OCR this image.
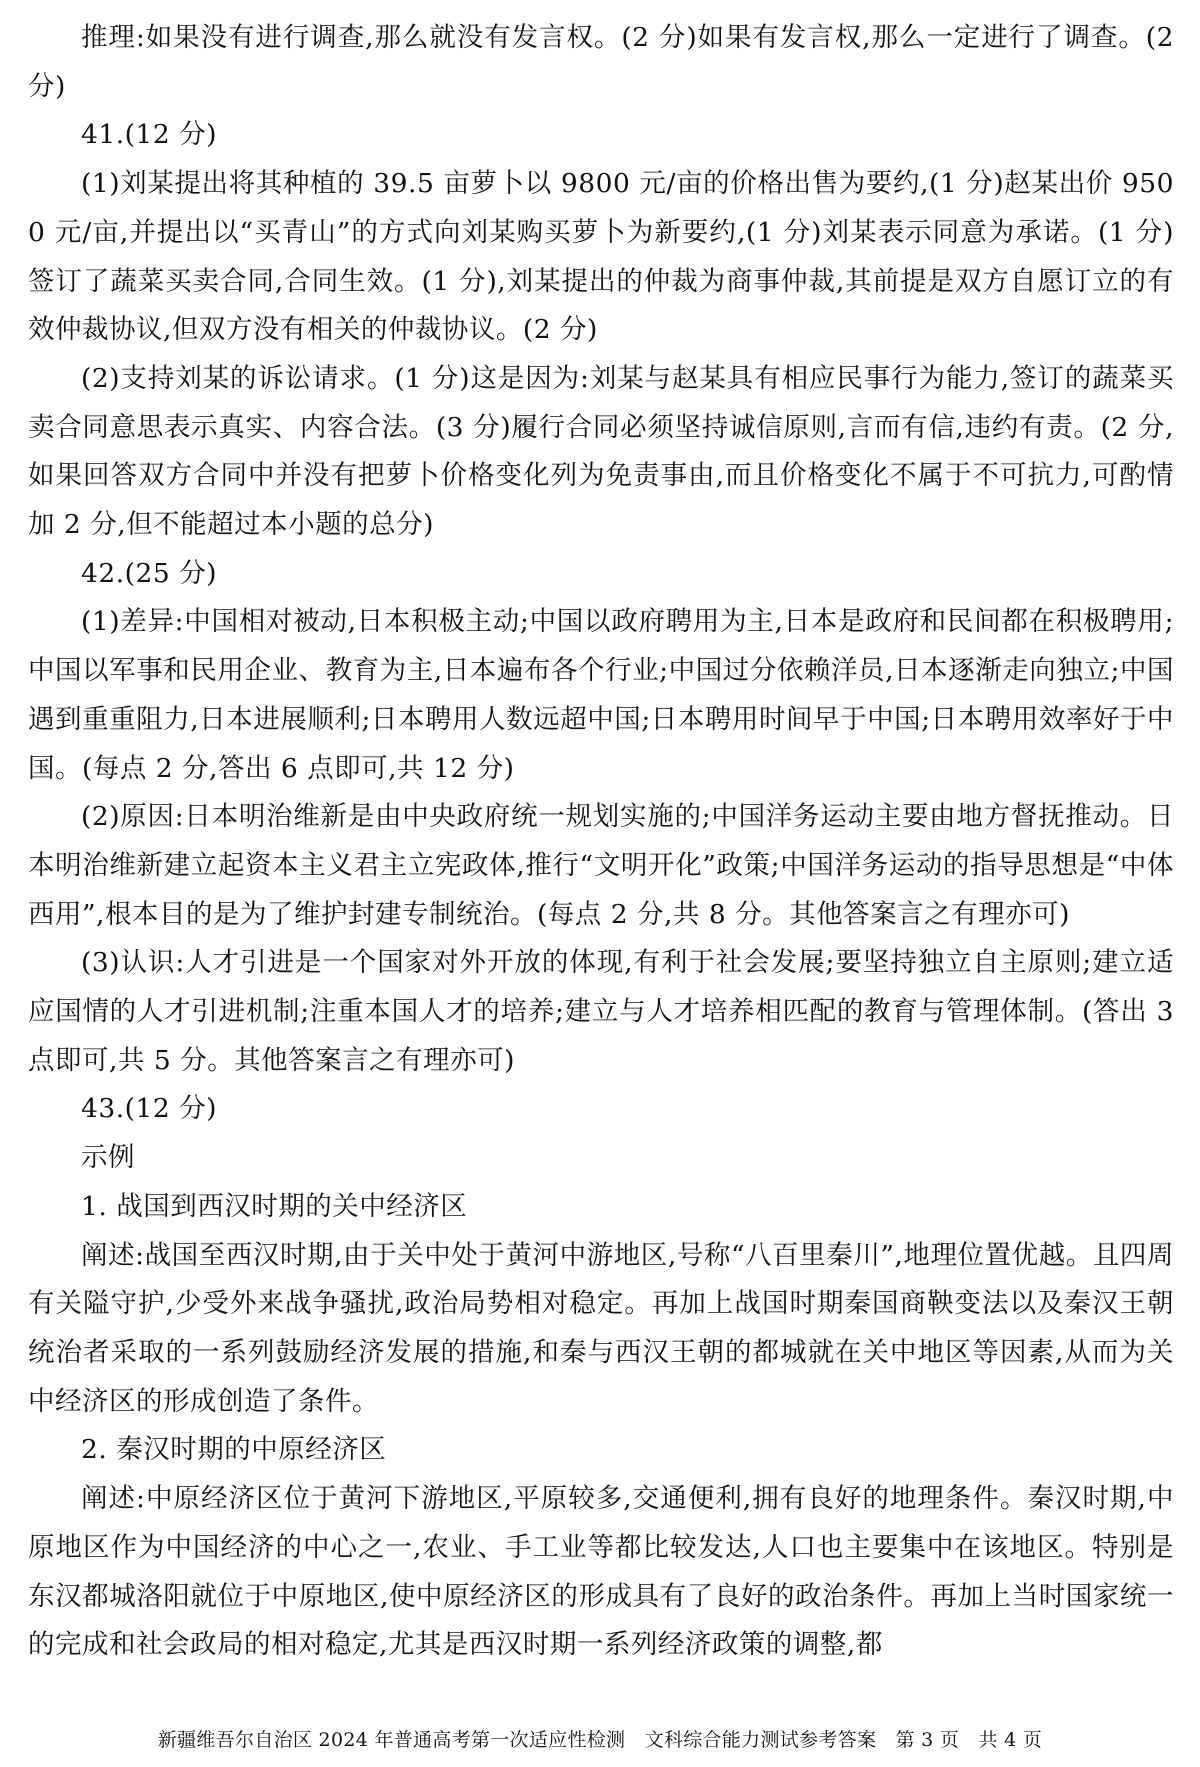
推理:如果没有进行调查,那么就没有发言权。(2 分)如果有发言权,那么一定进行了调查。(2 分)

41.(12 分)

(1)刘某提出将其种植的 39.5 亩萝卜以 9800 元/亩的价格出售为要约,(1 分)赵某出价 9500 元/亩,并提出以“买青山”的方式向刘某购买萝卜为新要约,(1 分)刘某表示同意为承诺。(1 分)签订了蔬菜买卖合同,合同生效。(1 分),刘某提出的仲裁为商事仲裁,其前提是双方自愿订立的有效仲裁协议,但双方没有相关的仲裁协议。(2 分)

(2)支持刘某的诉讼请求。(1 分)这是因为:刘某与赵某具有相应民事行为能力,签订的蔬菜买卖合同意思表示真实、内容合法。(3 分)履行合同必须坚持诚信原则,言而有信,违约有责。(2 分,如果回答双方合同中并没有把萝卜价格变化列为免责事由,而且价格变化不属于不可抗力,可酌情加 2 分,但不能超过本小题的总分)

42.(25 分)

(1)差异:中国相对被动,日本积极主动;中国以政府聘用为主,日本是政府和民间都在积极聘用;中国以军事和民用企业、教育为主,日本遍布各个行业;中国过分依赖洋员,日本逐渐走向独立;中国遇到重重阻力,日本进展顺利;日本聘用人数远超中国;日本聘用时间早于中国;日本聘用效率好于中国。(每点 2 分,答出 6 点即可,共 12 分)

(2)原因:日本明治维新是由中央政府统一规划实施的;中国洋务运动主要由地方督抚推动。日本明治维新建立起资本主义君主立宪政体,推行“文明开化”政策;中国洋务运动的指导思想是“中体西用”,根本目的是为了维护封建专制统治。(每点 2 分,共 8 分。其他答案言之有理亦可)

(3)认识:人才引进是一个国家对外开放的体现,有利于社会发展;要坚持独立自主原则;建立适应国情的人才引进机制;注重本国人才的培养;建立与人才培养相匹配的教育与管理体制。(答出 3 点即可,共 5 分。其他答案言之有理亦可)

43.(12 分)

示例

1. 战国到西汉时期的关中经济区

阐述:战国至西汉时期,由于关中处于黄河中游地区,号称“八百里秦川”,地理位置优越。且四周有关隘守护,少受外来战争骚扰,政治局势相对稳定。再加上战国时期秦国商鞅变法以及秦汉王朝统治者采取的一系列鼓励经济发展的措施,和秦与西汉王朝的都城就在关中地区等因素,从而为关中经济区的形成创造了条件。

2. 秦汉时期的中原经济区

阐述:中原经济区位于黄河下游地区,平原较多,交通便利,拥有良好的地理条件。秦汉时期,中原地区作为中国经济的中心之一,农业、手工业等都比较发达,人口也主要集中在该地区。特别是东汉都城洛阳就位于中原地区,使中原经济区的形成具有了良好的政治条件。再加上当时国家统一的完成和社会政局的相对稳定,尤其是西汉时期一系列经济政策的调整,都

新疆维吾尔自治区 2024 年普通高考第一次适应性检测　文科综合能力测试参考答案　第 3 页　共 4 页
